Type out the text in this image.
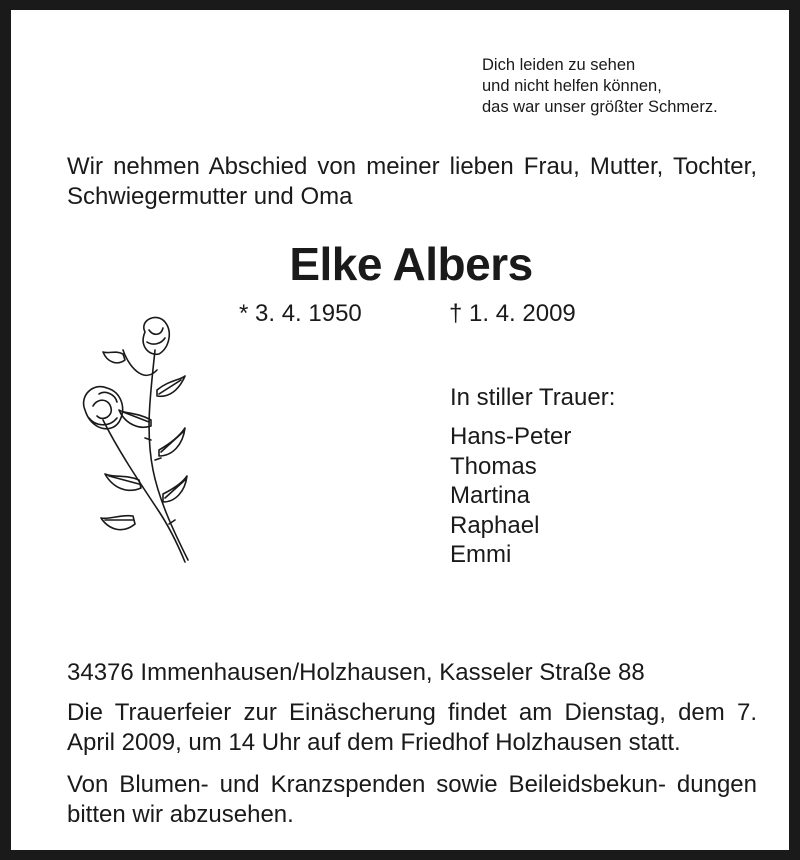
Dich leiden zu sehen
und nicht helfen können,
das war unser größter Schmerz.
Wir nehmen Abschied von meiner lieben Frau, Mutter, Tochter, Schwiegermutter und Oma
Elke Albers
* 3. 4. 1950	† 1. 4. 2009
In stiller Trauer:
Hans-Peter
Thomas
Martina
Raphael
Emmi
34376 Immenhausen/Holzhausen, Kasseler Straße 88
Die Trauerfeier zur Einäscherung findet am Dienstag, dem 7. April 2009, um 14 Uhr auf dem Friedhof Holzhausen statt.
Von Blumen- und Kranzspenden sowie Beileidsbekun- dungen bitten wir abzusehen.
